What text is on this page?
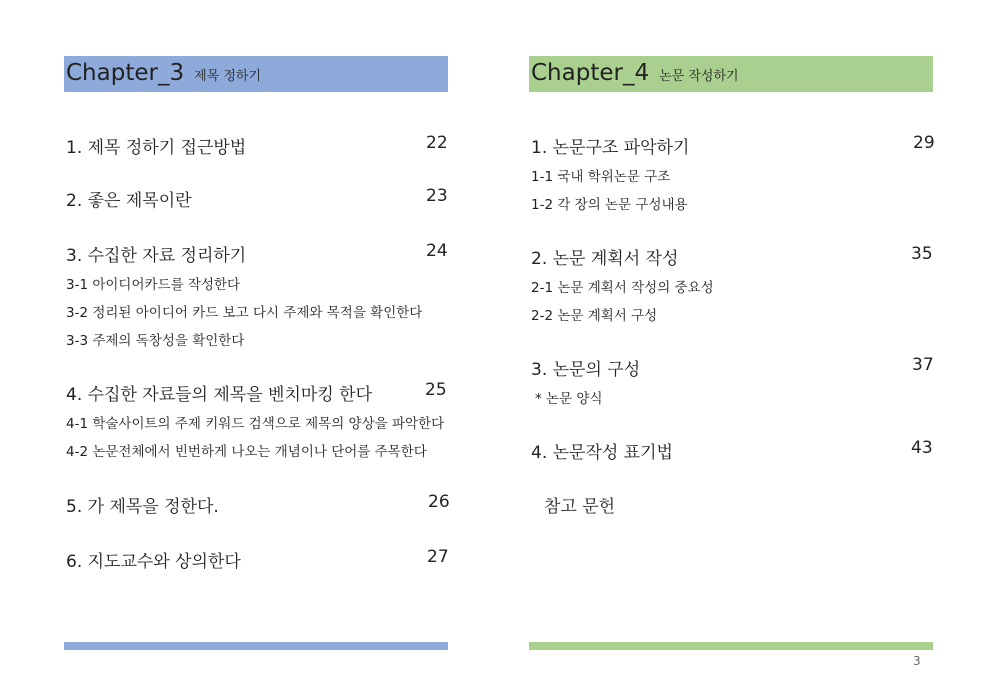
Chapter_3 제목 정하기
1. 제목 정하기 접근방법	22
2. 좋은 제목이란	23
3. 수집한 자료 정리하기	24
3-1 아이디어카드를 작성한다
3-2 정리된 아이디어 카드 보고 다시 주제와 목적을 확인한다
3-3 주제의 독창성을 확인한다
4. 수집한 자료들의 제목을 벤치마킹 한다	25
4-1 학술사이트의 주제 키워드 검색으로 제목의 양상을 파악한다
4-2 논문전체에서 빈번하게 나오는 개념이나 단어를 주목한다
5. 가 제목을 정한다.	26
6. 지도교수와 상의한다	27
Chapter_4 논문 작성하기
1. 논문구조 파악하기	29
1-1 국내 학위논문 구조
1-2 각 장의 논문 구성내용
2. 논문 계획서 작성	35
2-1 논문 계획서 작성의 중요성
2-2 논문 계획서 구성
3. 논문의 구성	37
* 논문 양식
4. 논문작성 표기법	43
참고 문헌
3
